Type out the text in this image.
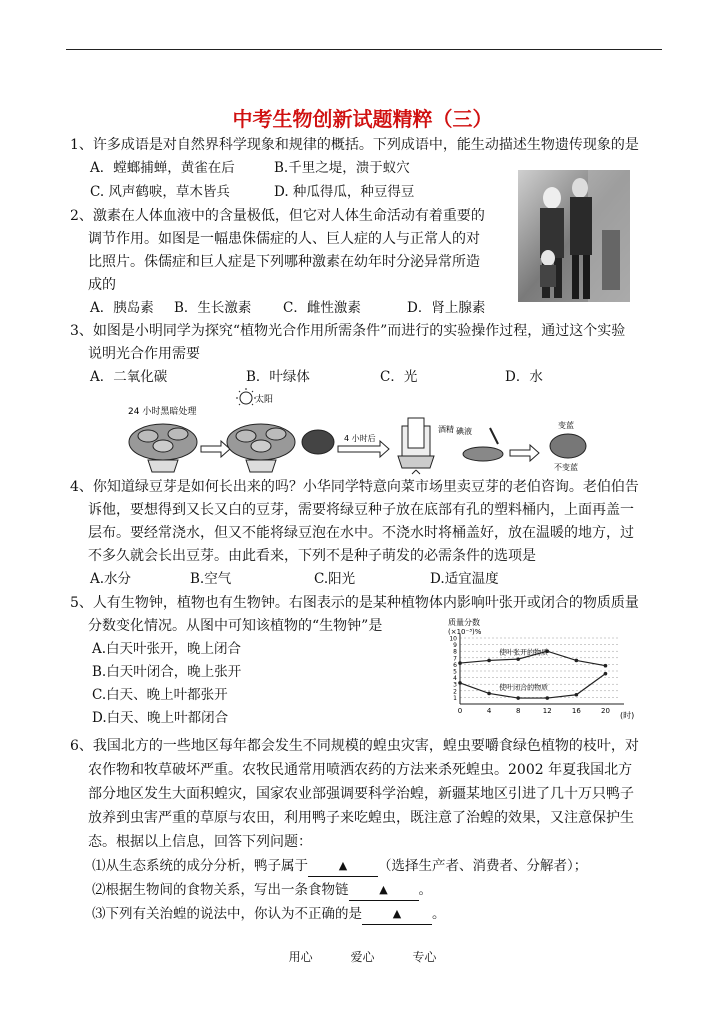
中考生物创新试题精粹（三）
1、许多成语是对自然界科学现象和规律的概括。下列成语中，能生动描述生物遗传现象的是
A．螳螂捕蝉，黄雀在后	B.千里之堤，溃于蚁穴
C. 风声鹤唳，草木皆兵	D. 种瓜得瓜，种豆得豆
2、激素在人体血液中的含量极低，但它对人体生命活动有着重要的
调节作用。如图是一幅患侏儒症的人、巨人症的人与正常人的对
比照片。侏儒症和巨人症是下列哪种激素在幼年时分泌异常所造
成的
A．胰岛素 B．生长激素 C．雌性激素	D．肾上腺素
3、如图是小明同学为探究“植物光合作用所需条件”而进行的实验操作过程，通过这个实验
说明光合作用需要
A．二氧化碳	B．叶绿体	C．光	D．水
24 小时黑暗处理
太阳
4 小时后
酒精 碘液
变蓝
不变蓝
4、你知道绿豆芽是如何长出来的吗？小华同学特意向菜市场里卖豆芽的老伯咨询。老伯伯告
诉他，要想得到又长又白的豆芽，需要将绿豆种子放在底部有孔的塑料桶内，上面再盖一
层布。要经常浇水，但又不能将绿豆泡在水中。不浇水时将桶盖好，放在温暖的地方，过
不多久就会长出豆芽。由此看来，下列不是种子萌发的必需条件的选项是
A.水分	B.空气	C.阳光	D.适宜温度
5、人有生物钟，植物也有生物钟。右图表示的是某种植物体内影响叶张开或闭合的物质质量
分数变化情况。从图中可知该植物的“生物钟”是
A.白天叶张开，晚上闭合
B.白天叶闭合，晚上张开
C.白天、晚上叶都张开
D.白天、晚上叶都闭合
质量分数
(×10⁻³)%
(时)
1
2
3
4
5
6
7
8
9
10
0	4	8	12	16	20
使叶张开的物质
使叶闭合的物质
6、我国北方的一些地区每年都会发生不同规模的蝗虫灾害，蝗虫要嚼食绿色植物的枝叶，对
农作物和牧草破坏严重。农牧民通常用喷洒农药的方法来杀死蝗虫。2002 年夏我国北方
部分地区发生大面积蝗灾，国家农业部强调要科学治蝗，新疆某地区引进了几十万只鸭子
放养到虫害严重的草原与农田，利用鸭子来吃蝗虫，既注意了治蝗的效果，又注意保护生
态。根据以上信息，回答下列问题：
⑴从生态系统的成分分析，鸭子属于	▲ （选择生产者、消费者、分解者）；
⑵根据生物间的食物关系，写出一条食物链	▲ 。
⑶下列有关治蝗的说法中，你认为不正确的是	▲ 。
用心	爱心	专心
